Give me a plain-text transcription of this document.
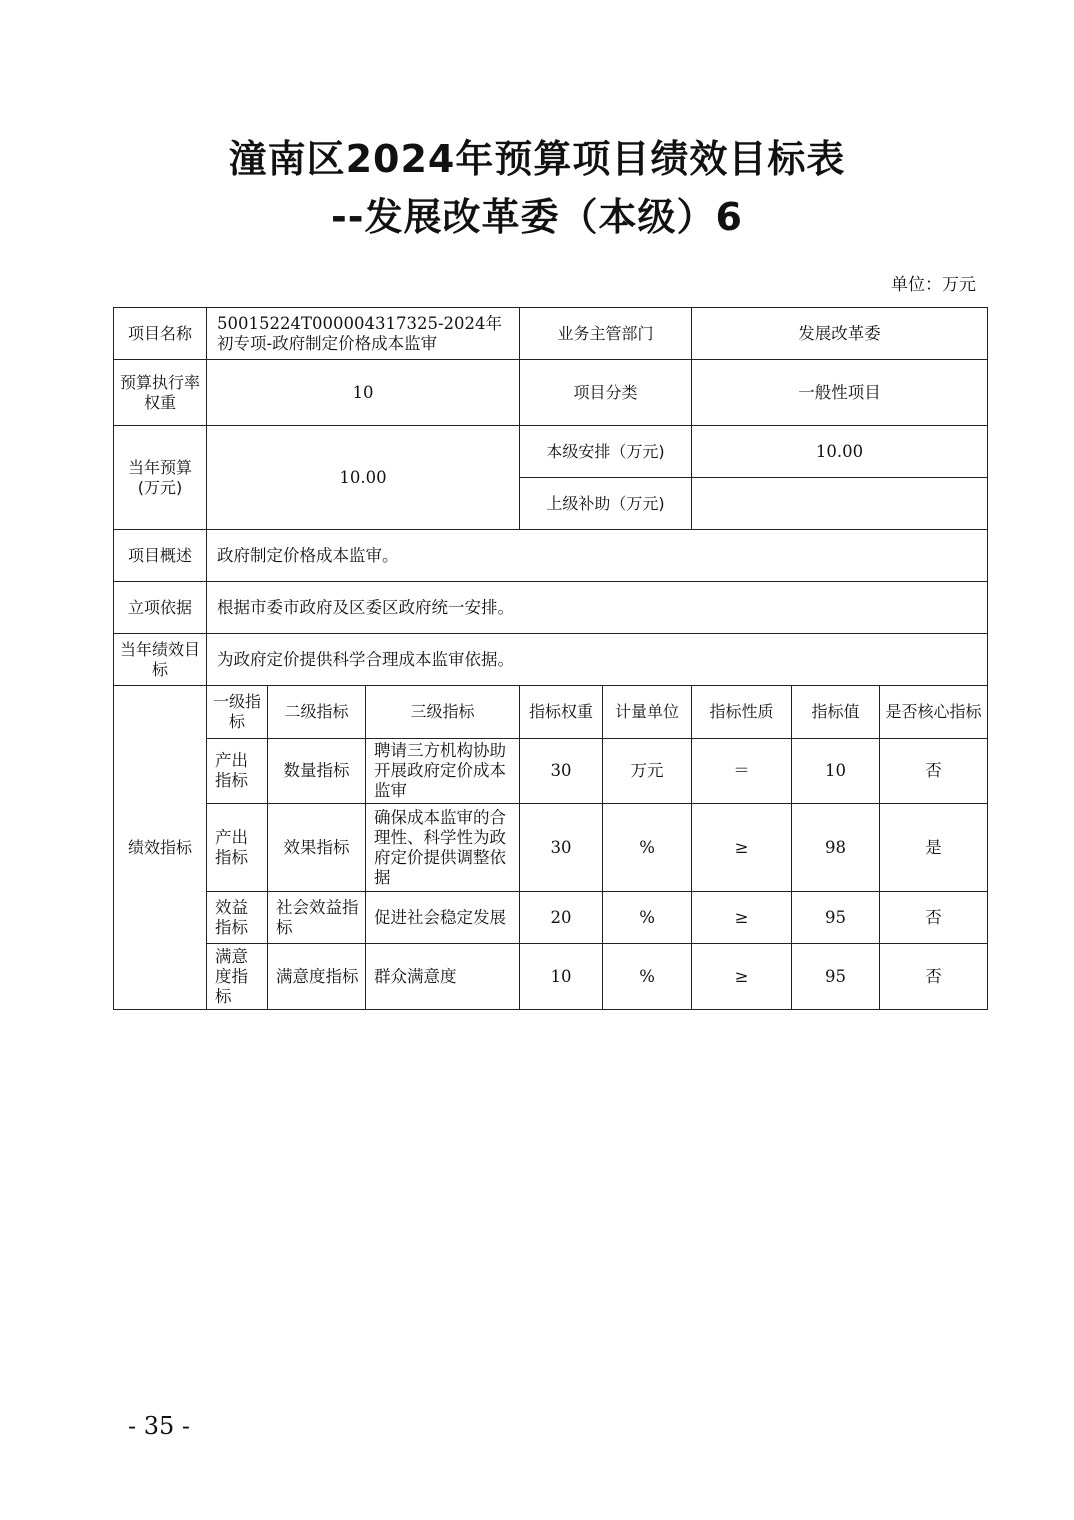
潼南区2024年预算项目绩效目标表
--发展改革委（本级）6
单位：万元
项目名称	50015224T000004317325-2024年初专项-政府制定价格成本监审			业务主管部门		发展改革委		
预算执行率权重	10			项目分类		一般性项目		
当年预算(万元)	10.00			本级安排（万元)		10.00		
				上级补助（万元)				
项目概述	政府制定价格成本监审。							
立项依据	根据市委市政府及区委区政府统一安排。							
当年绩效目标	为政府定价提供科学合理成本监审依据。							
绩效指标	一级指标	二级指标	三级指标	指标权重	计量单位	指标性质	指标值	是否核心指标
	产出指标	数量指标	聘请三方机构协助开展政府定价成本监审	30	万元	＝	10	否
	产出指标	效果指标	确保成本监审的合理性、科学性为政府定价提供调整依据	30	%	≥	98	是
	效益指标	社会效益指标	促进社会稳定发展	20	%	≥	95	否
	满意度指标	满意度指标	群众满意度	10	%	≥	95	否
- 35 -
